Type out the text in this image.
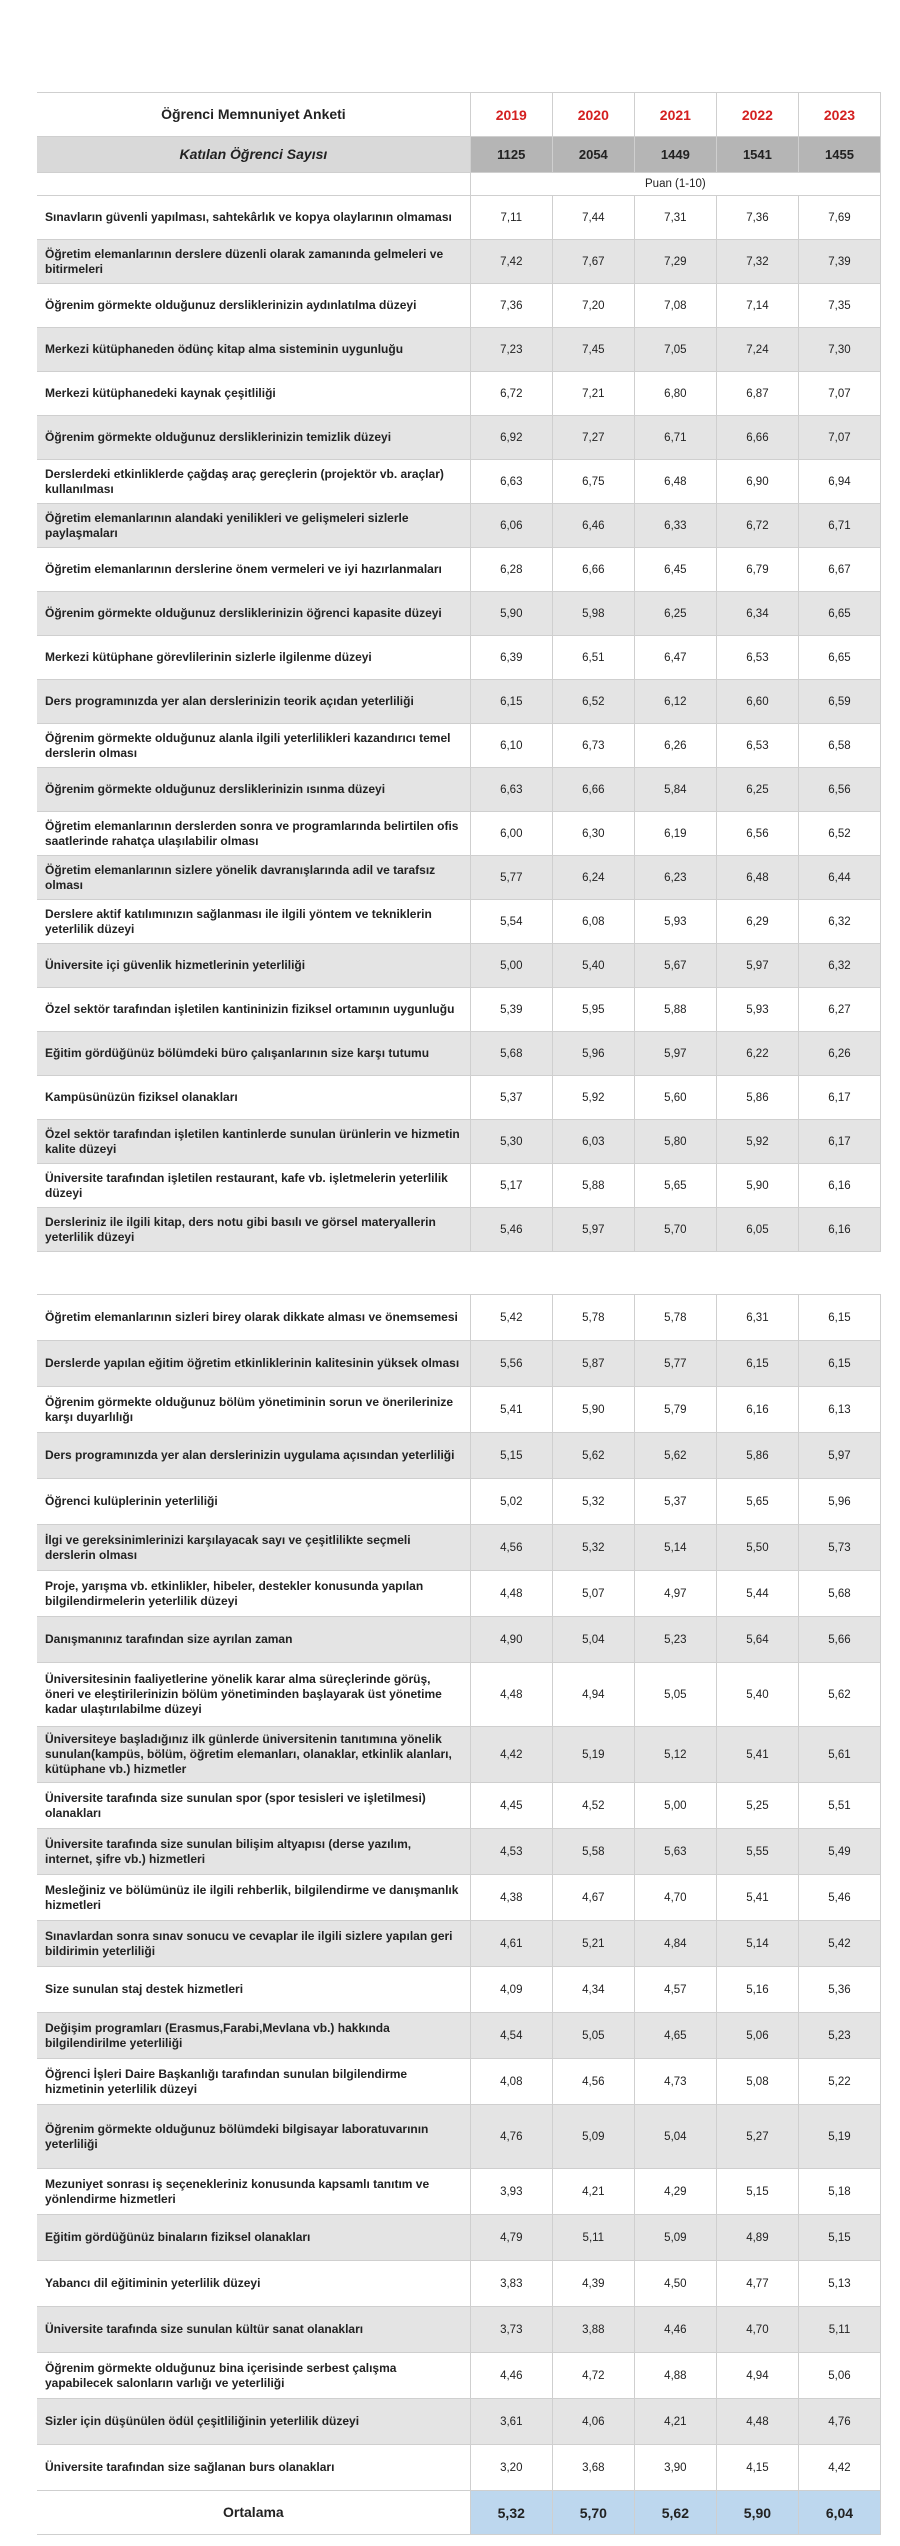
Öğrenci Memnuniyet Anketi	2019	2020	2021	2022	2023
Katılan Öğrenci Sayısı	1125	2054	1449	1541	1455
	Puan (1-10)				
Sınavların güvenli yapılması, sahtekârlık ve kopya olaylarının olmaması	7,11	7,44	7,31	7,36	7,69
Öğretim elemanlarının derslere düzenli olarak zamanında gelmeleri ve bitirmeleri	7,42	7,67	7,29	7,32	7,39
Öğrenim görmekte olduğunuz dersliklerinizin aydınlatılma düzeyi	7,36	7,20	7,08	7,14	7,35
Merkezi kütüphaneden ödünç kitap alma sisteminin uygunluğu	7,23	7,45	7,05	7,24	7,30
Merkezi kütüphanedeki kaynak çeşitliliği	6,72	7,21	6,80	6,87	7,07
Öğrenim görmekte olduğunuz dersliklerinizin temizlik düzeyi	6,92	7,27	6,71	6,66	7,07
Derslerdeki etkinliklerde çağdaş araç gereçlerin (projektör vb. araçlar) kullanılması	6,63	6,75	6,48	6,90	6,94
Öğretim elemanlarının alandaki yenilikleri ve gelişmeleri sizlerle paylaşmaları	6,06	6,46	6,33	6,72	6,71
Öğretim elemanlarının derslerine önem vermeleri ve iyi hazırlanmaları	6,28	6,66	6,45	6,79	6,67
Öğrenim görmekte olduğunuz dersliklerinizin öğrenci kapasite düzeyi	5,90	5,98	6,25	6,34	6,65
Merkezi kütüphane görevlilerinin sizlerle ilgilenme düzeyi	6,39	6,51	6,47	6,53	6,65
Ders programınızda yer alan derslerinizin teorik açıdan yeterliliği	6,15	6,52	6,12	6,60	6,59
Öğrenim görmekte olduğunuz alanla ilgili yeterlilikleri kazandırıcı temel derslerin olması	6,10	6,73	6,26	6,53	6,58
Öğrenim görmekte olduğunuz dersliklerinizin ısınma düzeyi	6,63	6,66	5,84	6,25	6,56
Öğretim elemanlarının derslerden sonra ve programlarında belirtilen ofis saatlerinde rahatça ulaşılabilir olması	6,00	6,30	6,19	6,56	6,52
Öğretim elemanlarının sizlere yönelik davranışlarında adil ve tarafsız olması	5,77	6,24	6,23	6,48	6,44
Derslere aktif katılımınızın sağlanması ile ilgili yöntem ve tekniklerin yeterlilik düzeyi	5,54	6,08	5,93	6,29	6,32
Üniversite içi güvenlik hizmetlerinin yeterliliği	5,00	5,40	5,67	5,97	6,32
Özel sektör tarafından işletilen kantininizin fiziksel ortamının uygunluğu	5,39	5,95	5,88	5,93	6,27
Eğitim gördüğünüz bölümdeki büro çalışanlarının size karşı tutumu	5,68	5,96	5,97	6,22	6,26
Kampüsünüzün fiziksel olanakları	5,37	5,92	5,60	5,86	6,17
Özel sektör tarafından işletilen kantinlerde sunulan ürünlerin ve hizmetin kalite düzeyi	5,30	6,03	5,80	5,92	6,17
Üniversite tarafından işletilen restaurant, kafe vb. işletmelerin yeterlilik düzeyi	5,17	5,88	5,65	5,90	6,16
Dersleriniz ile ilgili kitap, ders notu gibi basılı ve görsel materyallerin yeterlilik düzeyi	5,46	5,97	5,70	6,05	6,16

Öğretim elemanlarının sizleri birey olarak dikkate alması ve önemsemesi	5,42	5,78	5,78	6,31	6,15
Derslerde yapılan eğitim öğretim etkinliklerinin kalitesinin yüksek olması	5,56	5,87	5,77	6,15	6,15
Öğrenim görmekte olduğunuz bölüm yönetiminin sorun ve önerilerinize karşı duyarlılığı	5,41	5,90	5,79	6,16	6,13
Ders programınızda yer alan derslerinizin uygulama açısından yeterliliği	5,15	5,62	5,62	5,86	5,97
Öğrenci kulüplerinin yeterliliği	5,02	5,32	5,37	5,65	5,96
İlgi ve gereksinimlerinizi karşılayacak sayı ve çeşitlilikte seçmeli derslerin olması	4,56	5,32	5,14	5,50	5,73
Proje, yarışma vb. etkinlikler, hibeler, destekler konusunda yapılan bilgilendirmelerin yeterlilik düzeyi	4,48	5,07	4,97	5,44	5,68
Danışmanınız tarafından size ayrılan zaman	4,90	5,04	5,23	5,64	5,66
Üniversitesinin faaliyetlerine yönelik karar alma süreçlerinde görüş, öneri ve eleştirilerinizin bölüm yönetiminden başlayarak üst yönetime kadar ulaştırılabilme düzeyi	4,48	4,94	5,05	5,40	5,62
Üniversiteye başladığınız ilk günlerde üniversitenin tanıtımına yönelik sunulan(kampüs, bölüm, öğretim elemanları, olanaklar, etkinlik alanları, kütüphane vb.) hizmetler	4,42	5,19	5,12	5,41	5,61
Üniversite tarafında size sunulan spor (spor tesisleri ve işletilmesi) olanakları	4,45	4,52	5,00	5,25	5,51
Üniversite tarafında size sunulan bilişim altyapısı (derse yazılım, internet, şifre vb.) hizmetleri	4,53	5,58	5,63	5,55	5,49
Mesleğiniz ve bölümünüz ile ilgili rehberlik, bilgilendirme ve danışmanlık hizmetleri	4,38	4,67	4,70	5,41	5,46
Sınavlardan sonra sınav sonucu ve cevaplar ile ilgili sizlere yapılan geri bildirimin yeterliliği	4,61	5,21	4,84	5,14	5,42
Size sunulan staj destek hizmetleri	4,09	4,34	4,57	5,16	5,36
Değişim programları (Erasmus,Farabi,Mevlana vb.) hakkında bilgilendirilme yeterliliği	4,54	5,05	4,65	5,06	5,23
Öğrenci İşleri Daire Başkanlığı tarafından sunulan bilgilendirme hizmetinin yeterlilik düzeyi	4,08	4,56	4,73	5,08	5,22
Öğrenim görmekte olduğunuz bölümdeki bilgisayar laboratuvarının yeterliliği	4,76	5,09	5,04	5,27	5,19
Mezuniyet sonrası iş seçenekleriniz konusunda kapsamlı tanıtım ve yönlendirme hizmetleri	3,93	4,21	4,29	5,15	5,18
Eğitim gördüğünüz binaların fiziksel olanakları	4,79	5,11	5,09	4,89	5,15
Yabancı dil eğitiminin yeterlilik düzeyi	3,83	4,39	4,50	4,77	5,13
Üniversite tarafında size sunulan kültür sanat olanakları	3,73	3,88	4,46	4,70	5,11
Öğrenim görmekte olduğunuz bina içerisinde serbest çalışma yapabilecek salonların varlığı ve yeterliliği	4,46	4,72	4,88	4,94	5,06
Sizler için düşünülen ödül çeşitliliğinin yeterlilik düzeyi	3,61	4,06	4,21	4,48	4,76
Üniversite tarafından size sağlanan burs olanakları	3,20	3,68	3,90	4,15	4,42
Ortalama	5,32	5,70	5,62	5,90	6,04
